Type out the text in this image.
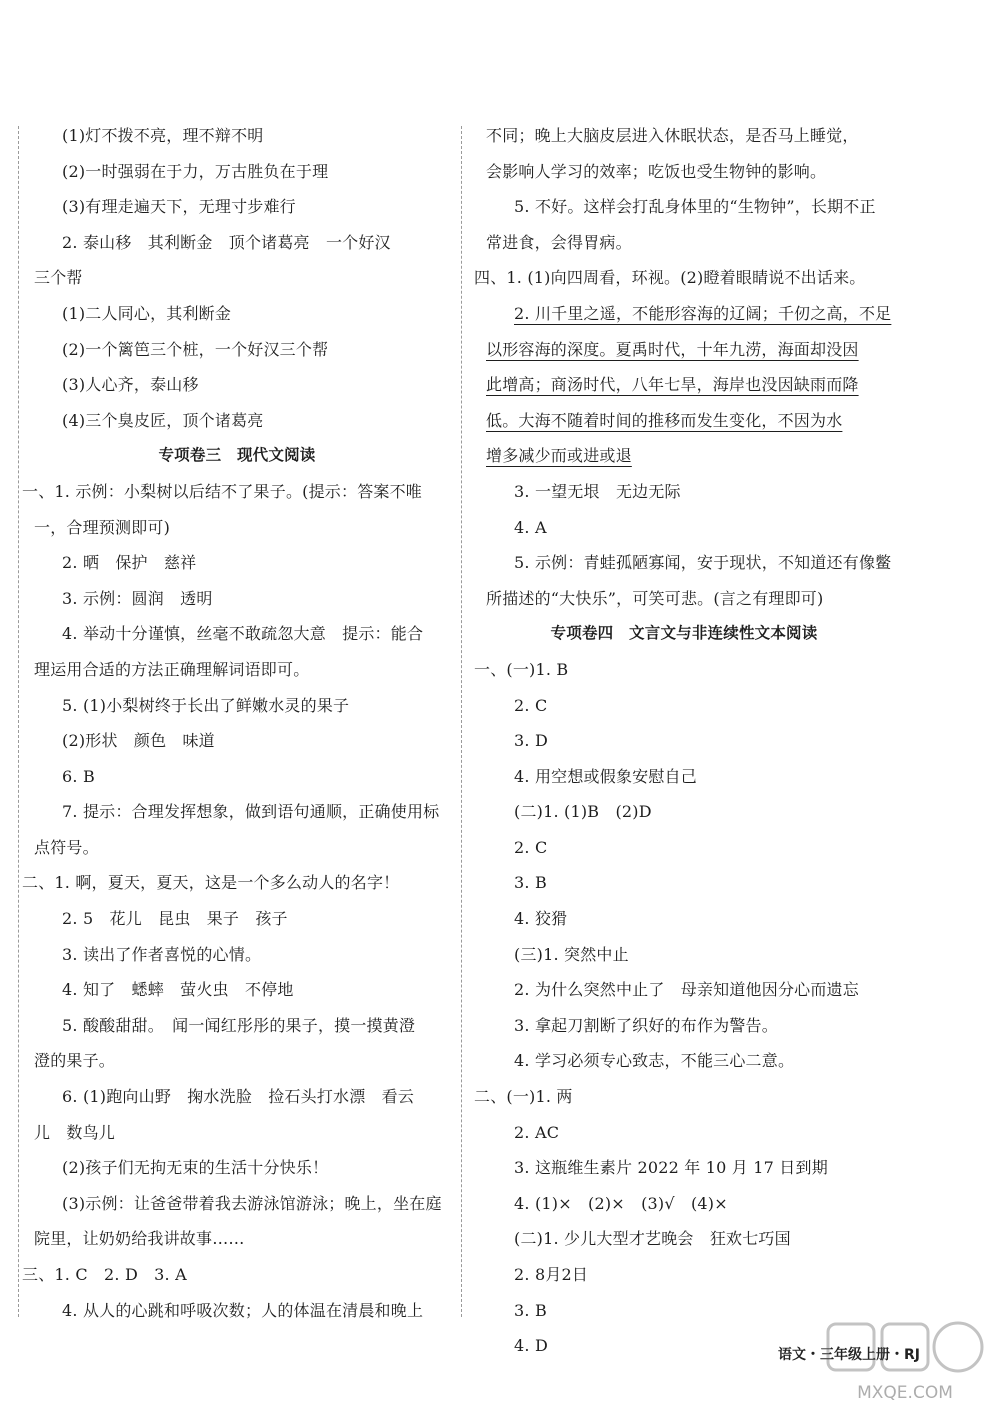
(1)灯不拨不亮，理不辩不明
(2)一时强弱在于力，万古胜负在于理
(3)有理走遍天下，无理寸步难行
2. 泰山移　其利断金　顶个诸葛亮　一个好汉
三个帮
(1)二人同心，其利断金
(2)一个篱笆三个桩，一个好汉三个帮
(3)人心齐，泰山移
(4)三个臭皮匠，顶个诸葛亮
专项卷三　现代文阅读
一、1. 示例：小梨树以后结不了果子。(提示：答案不唯
一，合理预测即可)
2. 晒　保护　慈祥
3. 示例：圆润　透明
4. 举动十分谨慎，丝毫不敢疏忽大意　提示：能合
理运用合适的方法正确理解词语即可。
5. (1)小梨树终于长出了鲜嫩水灵的果子
(2)形状　颜色　味道
6. B
7. 提示：合理发挥想象，做到语句通顺，正确使用标
点符号。
二、1. 啊，夏天，夏天，这是一个多么动人的名字！
2. 5　花儿　昆虫　果子　孩子
3. 读出了作者喜悦的心情。
4. 知了　蟋蟀　萤火虫　不停地
5. 酸酸甜甜。　闻一闻红彤彤的果子，摸一摸黄澄
澄的果子。
6. (1)跑向山野　掬水洗脸　捡石头打水漂　看云
儿　数鸟儿
(2)孩子们无拘无束的生活十分快乐！
(3)示例：让爸爸带着我去游泳馆游泳；晚上，坐在庭
院里，让奶奶给我讲故事……
三、1. C　2. D　3. A
4. 从人的心跳和呼吸次数；人的体温在清晨和晚上
不同；晚上大脑皮层进入休眠状态，是否马上睡觉，
会影响人学习的效率；吃饭也受生物钟的影响。
5. 不好。这样会打乱身体里的“生物钟”，长期不正
常进食，会得胃病。
四、1. (1)向四周看，环视。(2)瞪着眼睛说不出话来。
2. 川千里之遥，不能形容海的辽阔；千仞之高，不足
以形容海的深度。夏禹时代，十年九涝，海面却没因
此增高；商汤时代，八年七旱，海岸也没因缺雨而降
低。大海不随着时间的推移而发生变化，不因为水
增多减少而或进或退
3. 一望无垠　无边无际
4. A
5. 示例：青蛙孤陋寡闻，安于现状，不知道还有像鳖
所描述的“大快乐”，可笑可悲。(言之有理即可)
专项卷四　文言文与非连续性文本阅读
一、(一)1. B
2. C
3. D
4. 用空想或假象安慰自己
(二)1. (1)B　(2)D
2. C
3. B
4. 狡猾
(三)1. 突然中止
2. 为什么突然中止了　母亲知道他因分心而遗忘
3. 拿起刀割断了织好的布作为警告。
4. 学习必须专心致志，不能三心二意。
二、(一)1. 两
2. AC
3. 这瓶维生素片 2022 年 10 月 17 日到期
4. (1)×　(2)×　(3)√　(4)×
(二)1. 少儿大型才艺晚会　狂欢七巧国
2. 8月2日
3. B
4. D	语文・三年级上册・RJ
MXQE.COM
